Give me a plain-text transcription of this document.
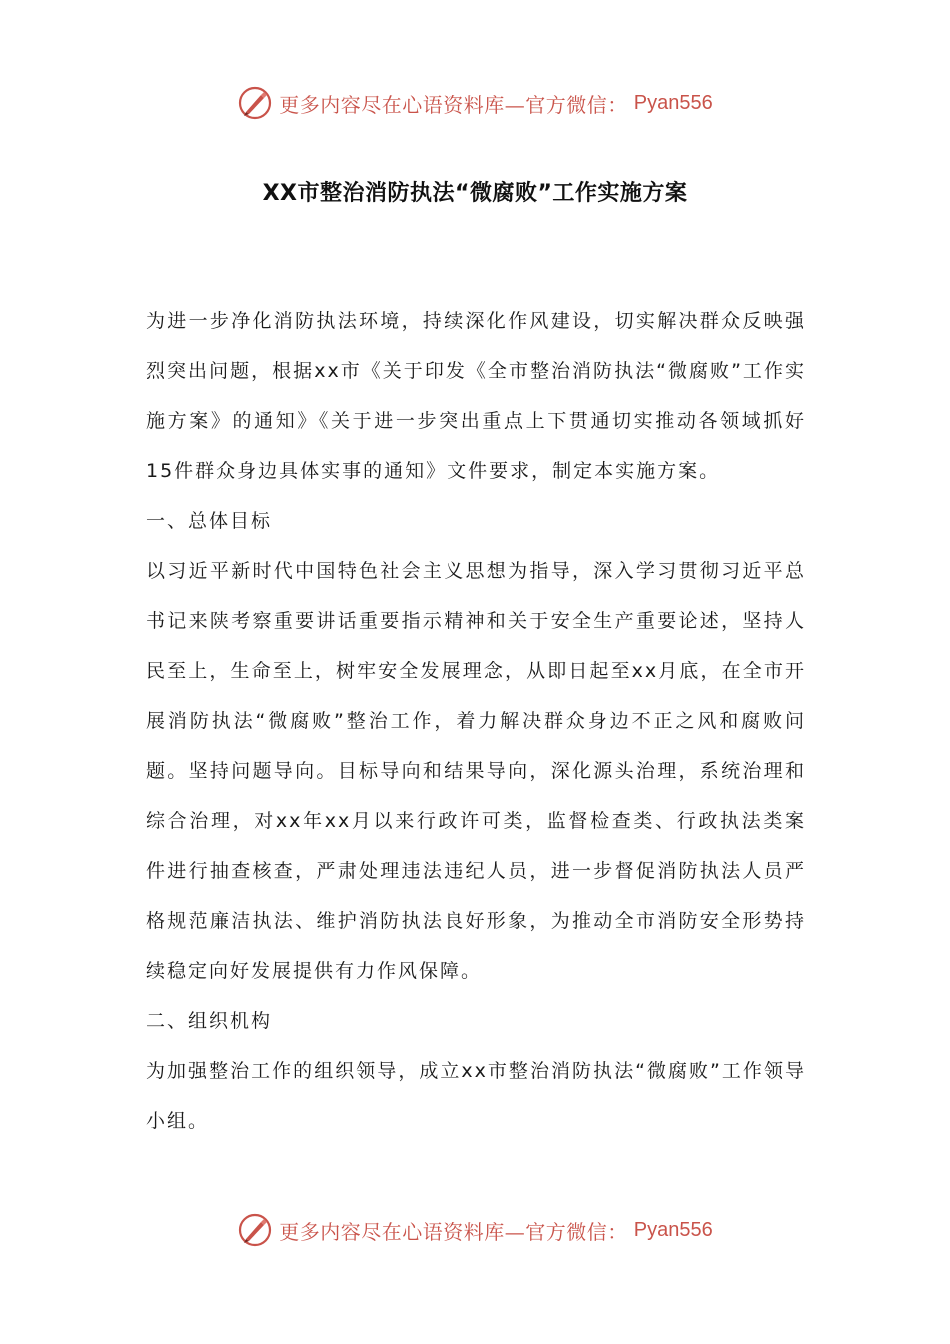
更多内容尽在心语资料库—官方微信： Pyan556
XX市整治消防执法“微腐败”工作实施方案

为进一步净化消防执法环境，持续深化作风建设，切实解决群众反映强烈突出问题，根据xx市《关于印发《全市整治消防执法“微腐败”工作实施方案》的通知》《关于进一步突出重点上下贯通切实推动各领域抓好15件群众身边具体实事的通知》文件要求，制定本实施方案。

一、总体目标

以习近平新时代中国特色社会主义思想为指导，深入学习贯彻习近平总书记来陕考察重要讲话重要指示精神和关于安全生产重要论述，坚持人民至上，生命至上，树牢安全发展理念，从即日起至xx月底，在全市开展消防执法“微腐败”整治工作，着力解决群众身边不正之风和腐败问题。坚持问题导向。目标导向和结果导向，深化源头治理，系统治理和综合治理，对xx年xx月以来行政许可类，监督检查类、行政执法类案件进行抽查核查，严肃处理违法违纪人员，进一步督促消防执法人员严格规范廉洁执法、维护消防执法良好形象，为推动全市消防安全形势持续稳定向好发展提供有力作风保障。

二、组织机构

为加强整治工作的组织领导，成立xx市整治消防执法“微腐败”工作领导小组。

更多内容尽在心语资料库—官方微信： Pyan556
